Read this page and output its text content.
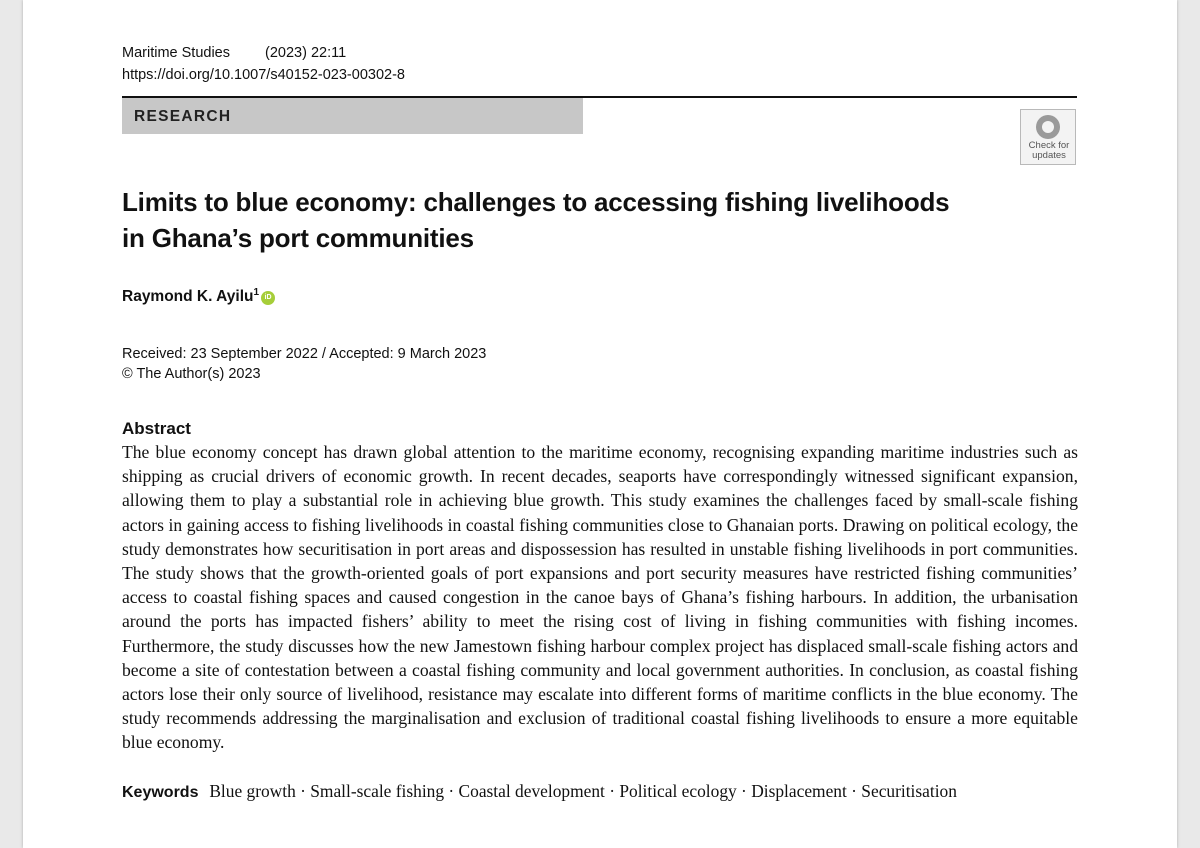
Maritime Studies (2023) 22:11
https://doi.org/10.1007/s40152-023-00302-8
RESEARCH
Check for
updates
Limits to blue economy: challenges to accessing fishing livelihoods
in Ghana’s port communities
Raymond K. Ayilu$^1$ iD
Received: 23 September 2022 / Accepted: 9 March 2023
© The Author(s) 2023
Abstract

The blue economy concept has drawn global attention to the maritime economy, recognising expanding maritime industries such as shipping as crucial drivers of economic growth. In recent decades, seaports have correspondingly witnessed significant expansion, allowing them to play a substantial role in achieving blue growth. This study examines the challenges faced by small-scale fishing actors in gaining access to fishing livelihoods in coastal fishing communities close to Ghanaian ports. Drawing on political ecology, the study demonstrates how securitisation in port areas and dispossession has resulted in unstable fishing livelihoods in port communities. The study shows that the growth-oriented goals of port expansions and port security measures have restricted fishing communities’ access to coastal fishing spaces and caused congestion in the canoe bays of Ghana’s fishing harbours. In addition, the urbanisation around the ports has impacted fishers’ ability to meet the rising cost of living in fishing communities with fishing incomes. Furthermore, the study discusses how the new Jamestown fishing harbour complex project has displaced small-scale fishing actors and become a site of contestation between a coastal fishing community and local government authorities. In conclusion, as coastal fishing actors lose their only source of livelihood, resistance may escalate into different forms of maritime conflicts in the blue economy. The study recommends addressing the marginalisation and exclusion of traditional coastal fishing livelihoods to ensure a more equitable blue economy.

Keywords Blue growth · Small-scale fishing · Coastal development · Political ecology · Displacement · Securitisation
